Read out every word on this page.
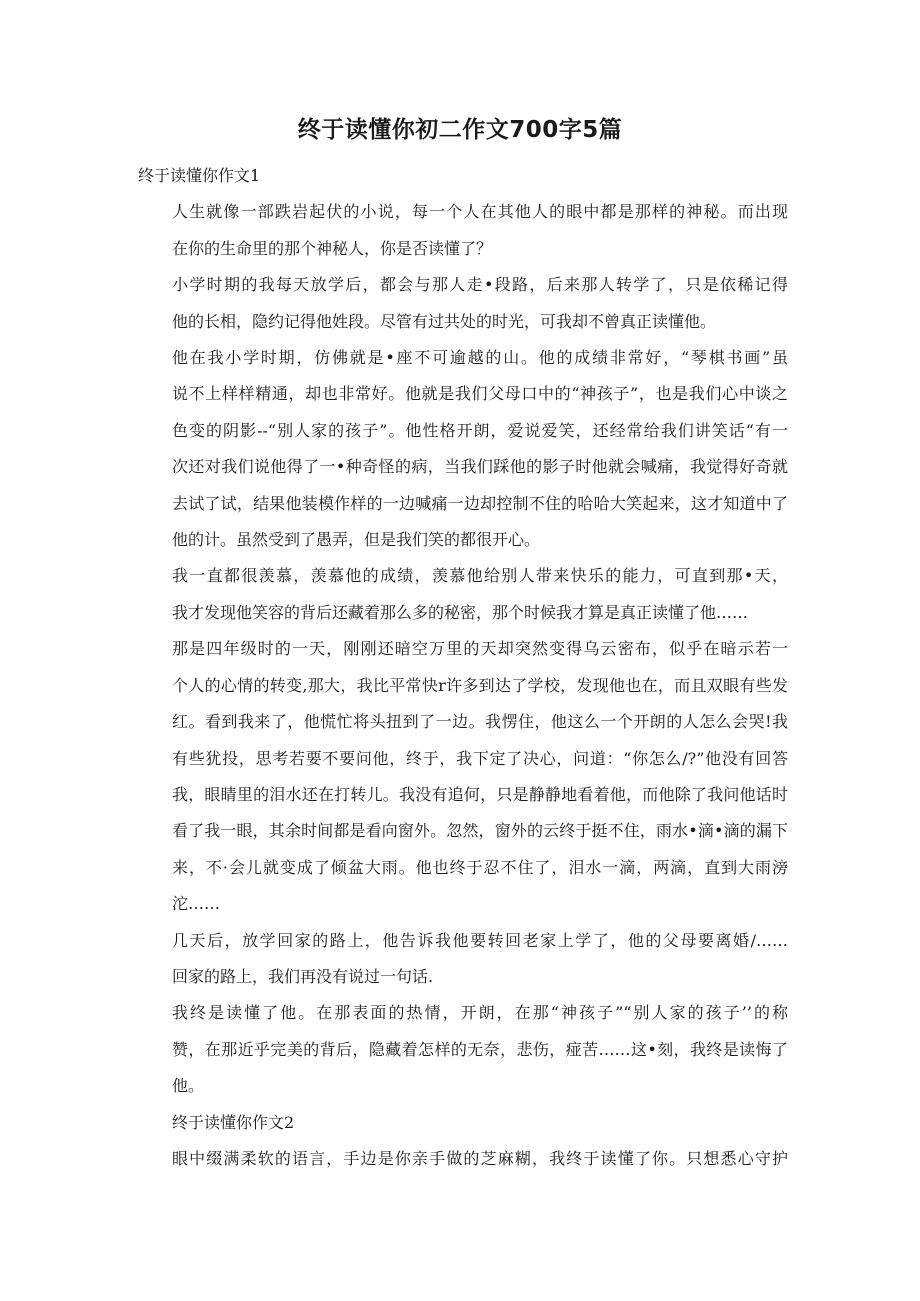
终于读懂你初二作文700字5篇
终于读懂你作文1
人生就像一部跌岩起伏的小说，每一个人在其他人的眼中都是那样的神秘。而出现
在你的生命里的那个神秘人，你是否读懂了？
小学时期的我每天放学后，都会与那人走•段路，后来那人转学了，只是依稀记得
他的长相，隐约记得他姓段。尽管有过共处的时光，可我却不曾真正读懂他。
他在我小学时期，仿佛就是•座不可逾越的山。他的成绩非常好，“琴棋书画”虽
说不上样样精通，却也非常好。他就是我们父母口中的“神孩子”，也是我们心中谈之
色变的阴影--“别人家的孩子”。他性格开朗，爱说爱笑，还经常给我们讲笑话“有一
次还对我们说他得了一•种奇怪的病，当我们踩他的影子时他就会喊痛，我觉得好奇就
去试了试，结果他装模作样的一边喊痛一边却控制不住的哈哈大笑起来，这才知道中了
他的计。虽然受到了愚弄，但是我们笑的都很开心。
我一直都很羡慕，羡慕他的成绩，羡慕他给别人带来快乐的能力，可直到那•天，
我才发现他笑容的背后还藏着那么多的秘密，那个时候我才算是真正读懂了他……
那是四年级时的一天，刚刚还暗空万里的天却突然变得乌云密布，似乎在暗示若一
个人的心情的转变,那大，我比平常快r许多到达了学校，发现他也在，而且双眼有些发
红。看到我来了，他慌忙将头扭到了一边。我愣住，他这么一个开朗的人怎么会哭!我
有些犹投，思考若要不要问他，终于，我下定了决心，问道：“你怎么/?”他没有回答
我，眼睛里的泪水还在打转儿。我没有追何，只是静静地看着他，而他除了我问他话时
看了我一眼，其余时间都是看向窗外。忽然，窗外的云终于挺不住，雨水•滴•滴的漏下
来，不·会儿就变成了倾盆大雨。他也终于忍不住了，泪水一滴，两滴，直到大雨滂
沱……
几天后，放学回家的路上，他告诉我他要转回老家上学了，他的父母要离婚/……
回家的路上，我们再没有说过一句话.
我终是读懂了他。在那表面的热情，开朗，在那“神孩子”“别人家的孩子’’的称
赞，在那近乎完美的背后，隐藏着怎样的无奈，悲伤，痖苦……这•刻，我终是读悔了
他。
终于读懂你作文2
眼中缀满柔软的语言，手边是你亲手做的芝麻糊，我终于读懂了你。只想悉心守护
